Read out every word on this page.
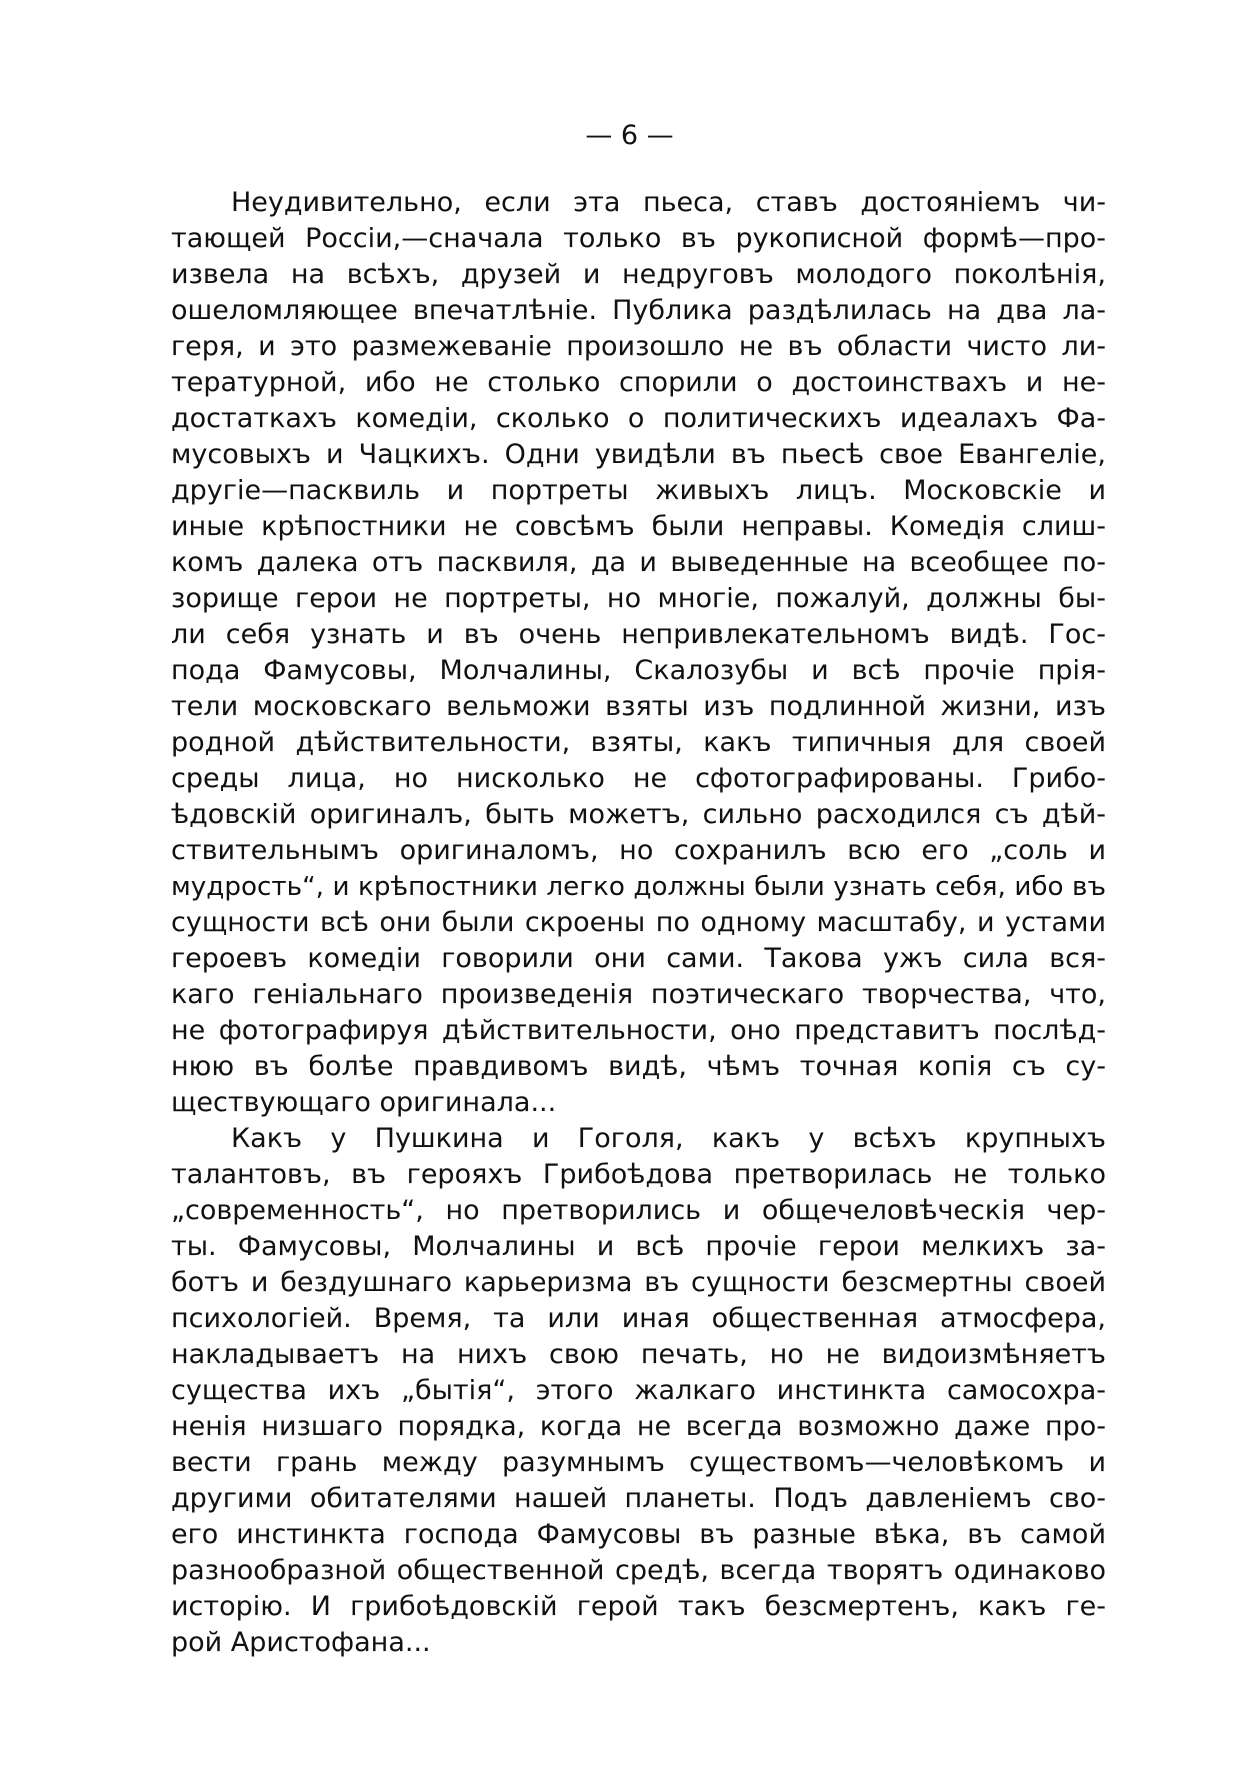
— 6 —
Неудивительно, если эта пьеса, ставъ достояніемъ чи-
тающей Россіи,—сначала только въ рукописной формѣ—про-
извела на всѣхъ, друзей и недруговъ молодого поколѣнія,
ошеломляющее впечатлѣніе. Публика раздѣлилась на два ла-
геря, и это размежеваніе произошло не въ области чисто ли-
тературной, ибо не столько спорили о достоинствахъ и не-
достаткахъ комедіи, сколько о политическихъ идеалахъ Фа-
мусовыхъ и Чацкихъ. Одни увидѣли въ пьесѣ свое Евангеліе,
другіе—пасквиль и портреты живыхъ лицъ. Московскіе и
иные крѣпостники не совсѣмъ были неправы. Комедія слиш-
комъ далека отъ пасквиля, да и выведенные на всеобщее по-
зорище герои не портреты, но многіе, пожалуй, должны бы-
ли себя узнать и въ очень непривлекательномъ видѣ. Гос-
пода Фамусовы, Молчалины, Скалозубы и всѣ прочіе прія-
тели московскаго вельможи взяты изъ подлинной жизни, изъ
родной дѣйствительности, взяты, какъ типичныя для своей
среды лица, но нисколько не сфотографированы. Грибо-
ѣдовскій оригиналъ, быть можетъ, сильно расходился съ дѣй-
ствительнымъ оригиналомъ, но сохранилъ всю его „соль и
мудрость“, и крѣпостники легко должны были узнать себя, ибо въ
сущности всѣ они были скроены по одному масштабу, и устами
героевъ комедіи говорили они сами. Такова ужъ сила вся-
каго геніальнаго произведенія поэтическаго творчества, что,
не фотографируя дѣйствительности, оно представитъ послѣд-
нюю въ болѣе правдивомъ видѣ, чѣмъ точная копія съ су-
ществующаго оригинала...
Какъ у Пушкина и Гоголя, какъ у всѣхъ крупныхъ
талантовъ, въ герояхъ Грибоѣдова претворилась не только
„современность“, но претворились и общечеловѣческія чер-
ты. Фамусовы, Молчалины и всѣ прочіе герои мелкихъ за-
ботъ и бездушнаго карьеризма въ сущности безсмертны своей
психологіей. Время, та или иная общественная атмосфера,
накладываетъ на нихъ свою печать, но не видоизмѣняетъ
существа ихъ „бытія“, этого жалкаго инстинкта самосохра-
ненія низшаго порядка, когда не всегда возможно даже про-
вести грань между разумнымъ существомъ—человѣкомъ и
другими обитателями нашей планеты. Подъ давленіемъ сво-
его инстинкта господа Фамусовы въ разные вѣка, въ самой
разнообразной общественной средѣ, всегда творятъ одинаково
исторію. И грибоѣдовскій герой такъ безсмертенъ, какъ ге-
рой Аристофана...
